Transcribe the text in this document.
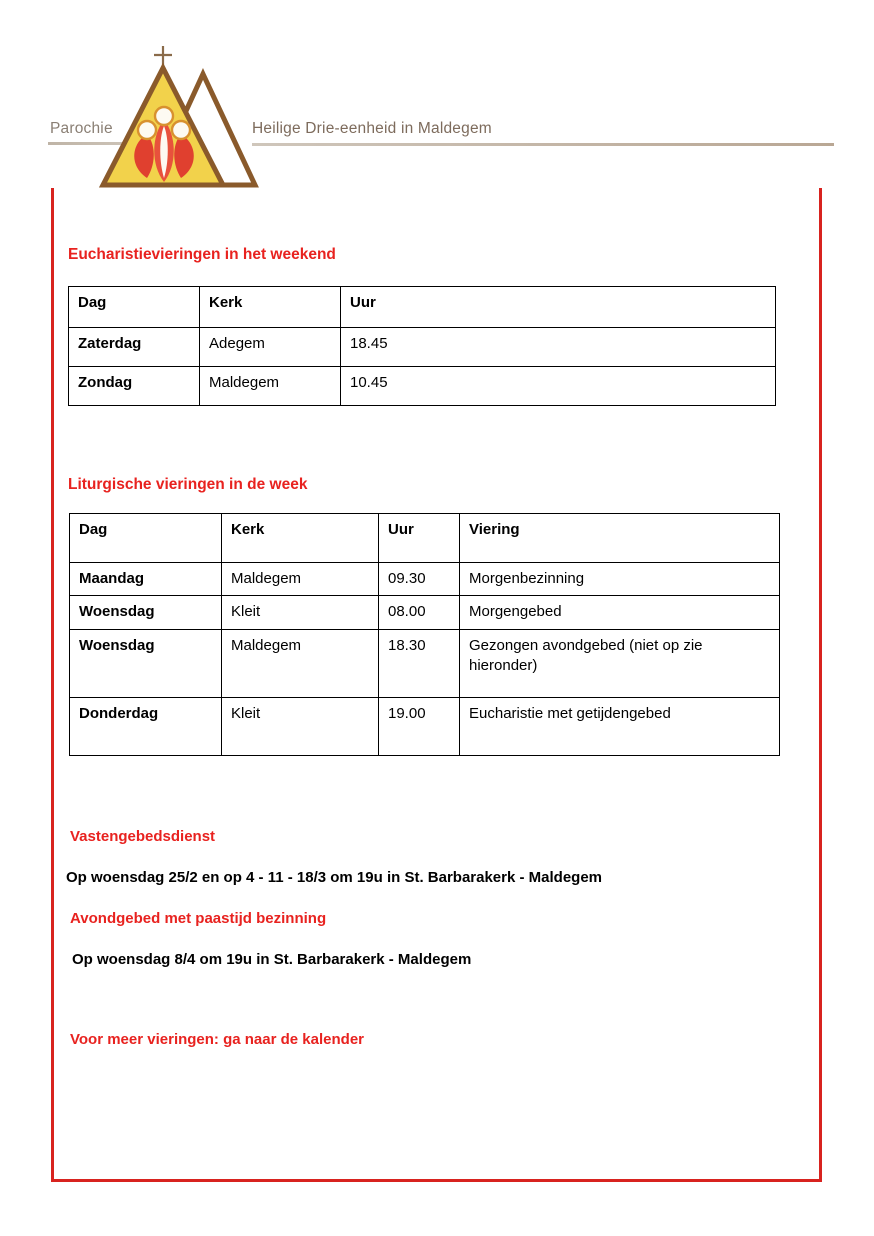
Parochie	Heilige Drie-eenheid in Maldegem
Eucharistievieringen in het weekend
Dag	Kerk	Uur
Zaterdag	Adegem	18.45
Zondag	Maldegem	10.45
Liturgische vieringen in de week
Dag	Kerk	Uur	Viering
Maandag	Maldegem	09.30	Morgenbezinning
Woensdag	Kleit	08.00	Morgengebed
Woensdag	Maldegem	18.30	Gezongen avondgebed (niet op zie hieronder)
Donderdag	Kleit	19.00	Eucharistie met getijdengebed
Vastengebedsdienst
Op woensdag 25/2 en op 4 - 11 - 18/3 om 19u in St. Barbarakerk - Maldegem
Avondgebed met paastijd bezinning
Op woensdag 8/4 om 19u in St. Barbarakerk - Maldegem
Voor meer vieringen: ga naar de kalender
